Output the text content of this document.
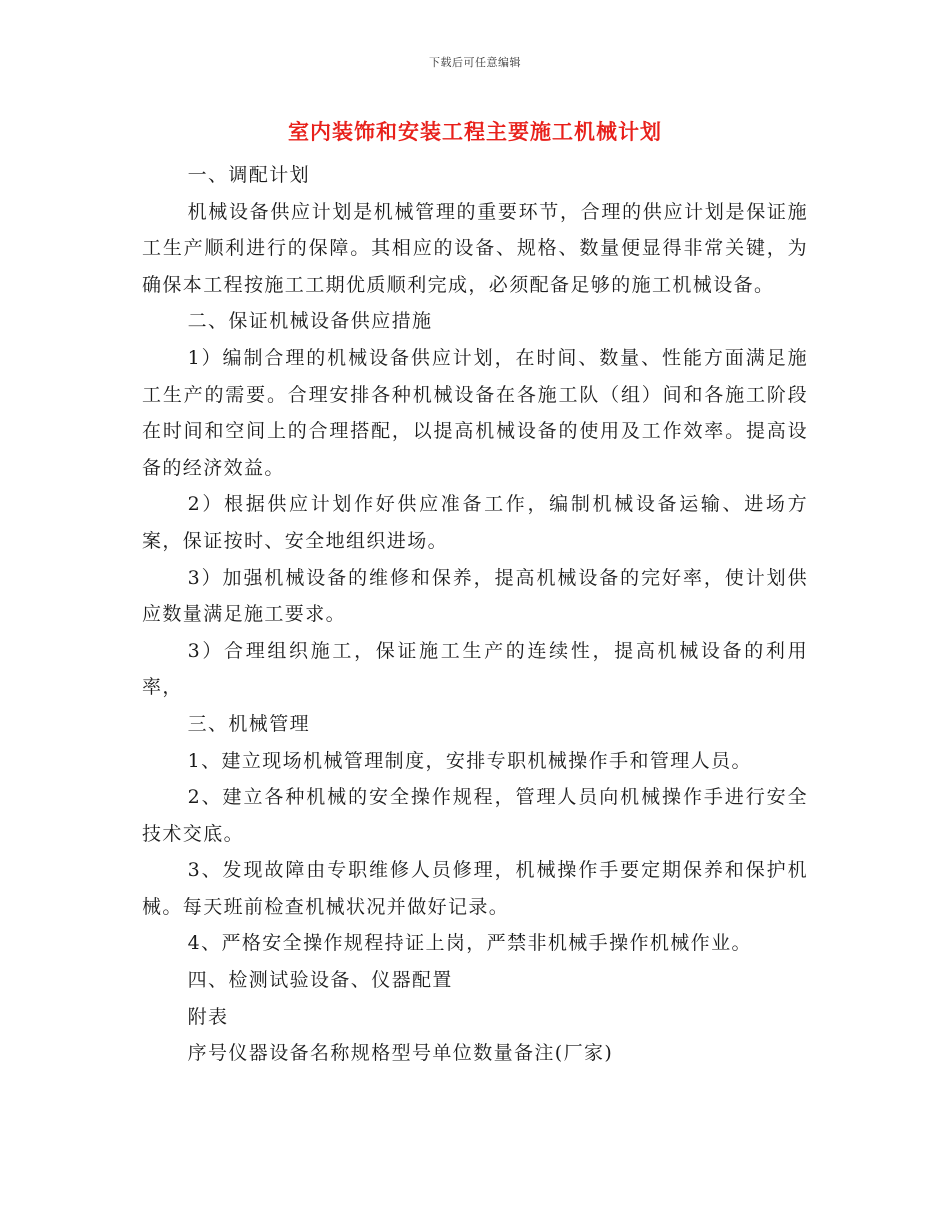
下载后可任意编辑
室内装饰和安装工程主要施工机械计划

一、调配计划

机械设备供应计划是机械管理的重要环节，合理的供应计划是保证施工生产顺利进行的保障。其相应的设备、规格、数量便显得非常关键，为确保本工程按施工工期优质顺利完成，必须配备足够的施工机械设备。

二、保证机械设备供应措施

1）编制合理的机械设备供应计划，在时间、数量、性能方面满足施工生产的需要。合理安排各种机械设备在各施工队（组）间和各施工阶段在时间和空间上的合理搭配，以提高机械设备的使用及工作效率。提高设备的经济效益。

2）根据供应计划作好供应准备工作，编制机械设备运输、进场方案，保证按时、安全地组织进场。

3）加强机械设备的维修和保养，提高机械设备的完好率，使计划供应数量满足施工要求。

3）合理组织施工，保证施工生产的连续性，提高机械设备的利用率，

三、机械管理

1、建立现场机械管理制度，安排专职机械操作手和管理人员。

2、建立各种机械的安全操作规程，管理人员向机械操作手进行安全技术交底。

3、发现故障由专职维修人员修理，机械操作手要定期保养和保护机械。每天班前检查机械状况并做好记录。

4、严格安全操作规程持证上岗，严禁非机械手操作机械作业。

四、检测试验设备、仪器配置

附表

序号仪器设备名称规格型号单位数量备注(厂家)
